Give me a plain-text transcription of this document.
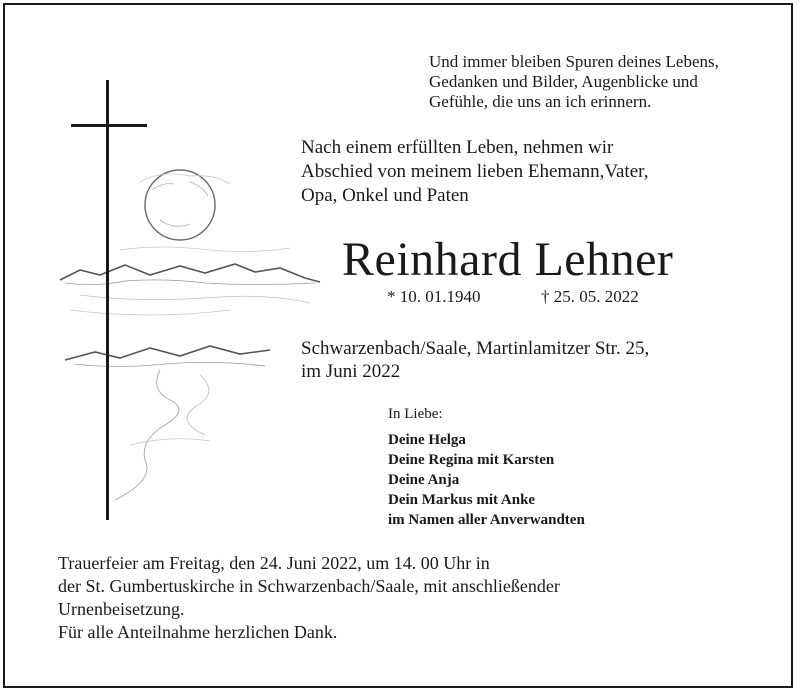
Und immer bleiben Spuren deines Lebens,
Gedanken und Bilder, Augenblicke und
Gefühle, die uns an ich erinnern.
Nach einem erfüllten Leben, nehmen wir
Abschied von meinem lieben Ehemann,Vater,
Opa, Onkel und Paten
Reinhard Lehner
* 10. 01.1940	† 25. 05. 2022
Schwarzenbach/Saale, Martinlamitzer Str. 25,
im Juni 2022
In Liebe:
Deine Helga
Deine Regina mit Karsten
Deine Anja
Dein Markus mit Anke
im Namen aller Anverwandten
Trauerfeier am Freitag, den 24. Juni 2022, um 14. 00 Uhr in
der St. Gumbertuskirche in Schwarzenbach/Saale, mit anschließender
Urnenbeisetzung.
Für alle Anteilnahme herzlichen Dank.
